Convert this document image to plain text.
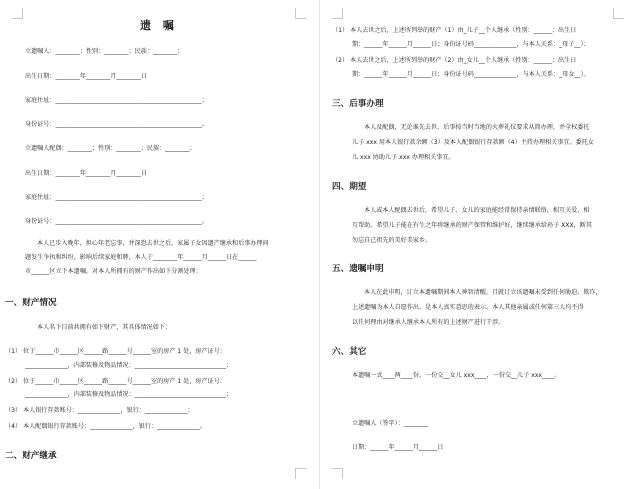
遗 嘱
立遗嘱人：________；性别：________；民族：________；
出生日期：________年________月________日
家庭住址：________________________________________________；
身份证号：________________________________________________。
立遗嘱人配偶：________；性别：________；民族：________；
出生日期：________年________月________日
家庭住址：________________________________________________；
身份证号：________________________________________________。
本人已步入晚年，担心年老忘事，并深恐去世之后，家属子女因遗产继承和后事办理问
题发生争执和纠纷，影响后续家庭和睦，本人于________年______月______日在______
市______区立下本遗嘱，对本人所拥有的财产作出如下分割处理：
一、财产情况
本人名下目前共拥有如下财产，其具体情况如下：
（1） 位于______市______区______路______号______室的房产 1 处，房产证号：
______________，内部装修及物品情况：______________________________；
（2） 位于______市______区______路______号______室的房产 1 处，房产证号：
______________，内部装修及物品情况：______________________________；
（3） 本人银行存款账号：______________，银行：______________；
（4） 本人配偶银行存款账号：______________，银行：______________。
二、财产继承
（1） 本人去世之后，上述所列举的财产（1）由_儿子__个人继承（性别：______；出生日
期：______年______月______日；身份证号码______________，与本人关系：_母子__）；
（2） 本人去世之后，上述所列举的财产（2）由_女儿__个人继承（性别：______；出生日
期：______年______月______日；身份证号码______________，与本人关系：_母女__）。
三、后事办理
本人及配偶，无论谁先去世，后事按当时当地的火葬礼仪要求从简办理。并全权委托
儿子 xxx 用本人银行款余额（3）及本人配偶银行存款额（4）主持办理相关事宜。委托女
儿 xxx 协助儿子 xxx 办理相关事宜。
四、期望
本人或本人配偶去世后，希望儿子、女儿的家庭能经常保持亲情联络，相互关爱、相
互帮助。希望儿子能在有生之年将继承的财产保管和维护好，继续继承给孙子 XXX，断其
勿忘自己祖先的美好美家乡。
五、遗嘱申明
本人在此申明，订立本遗嘱期间本人神智清醒，且就订立该遗嘱未受到任何胁迫、欺诈，
上述遗嘱为本人自愿作出，是本人真实意思的表示。本人其他亲属或任何第三人均不得
以任何理由对继承人继承本人所有的上述财产进行干涉。
六、其它
本遗嘱一式____两____份，一份交__女儿 xxx____，一份交__儿子 xxx____。
立遗嘱人（签字）：________
日期：______年______月______日
